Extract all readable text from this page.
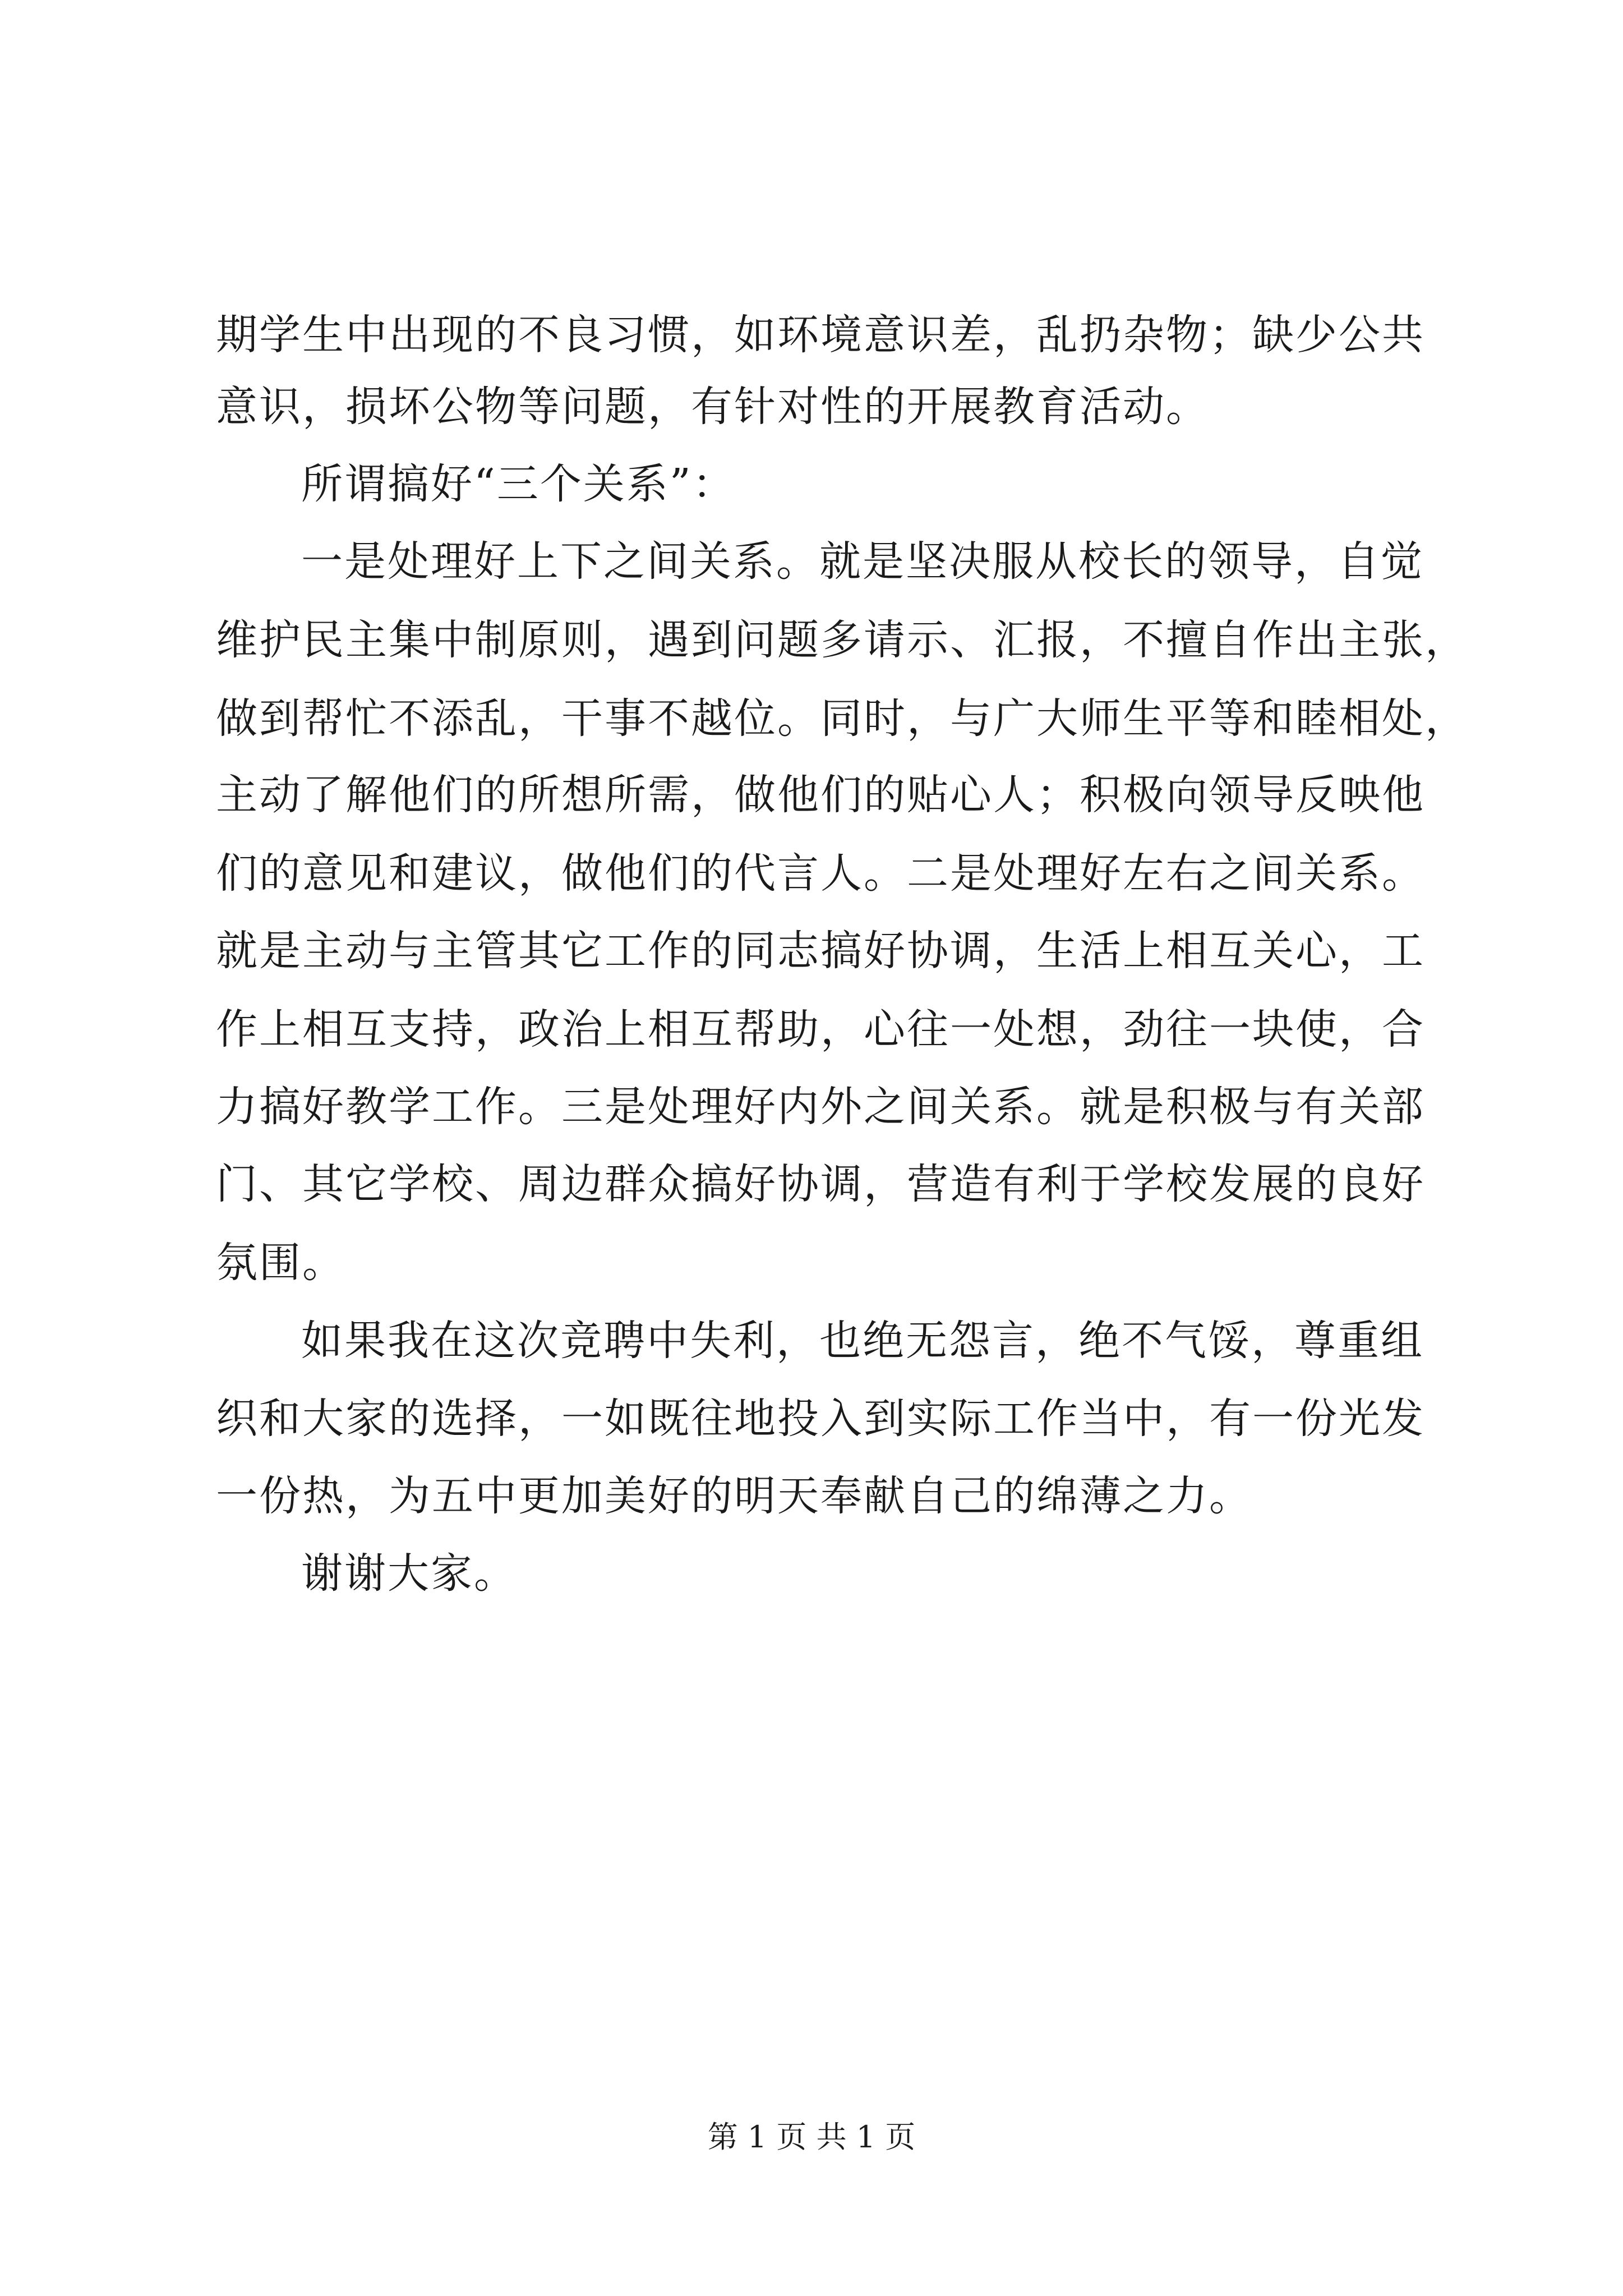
期学生中出现的不良习惯，如环境意识差，乱扔杂物；缺少公共
意识，损坏公物等问题，有针对性的开展教育活动。
所谓搞好“三个关系”：
一是处理好上下之间关系。就是坚决服从校长的领导，自觉
维护民主集中制原则，遇到问题多请示、汇报，不擅自作出主张，
做到帮忙不添乱，干事不越位。同时，与广大师生平等和睦相处，
主动了解他们的所想所需，做他们的贴心人；积极向领导反映他
们的意见和建议，做他们的代言人。二是处理好左右之间关系。
就是主动与主管其它工作的同志搞好协调，生活上相互关心，工
作上相互支持，政治上相互帮助，心往一处想，劲往一块使，合
力搞好教学工作。三是处理好内外之间关系。就是积极与有关部
门、其它学校、周边群众搞好协调，营造有利于学校发展的良好
氛围。
如果我在这次竞聘中失利，也绝无怨言，绝不气馁，尊重组
织和大家的选择，一如既往地投入到实际工作当中，有一份光发
一份热，为五中更加美好的明天奉献自己的绵薄之力。
谢谢大家。
第 1 页 共 1 页
